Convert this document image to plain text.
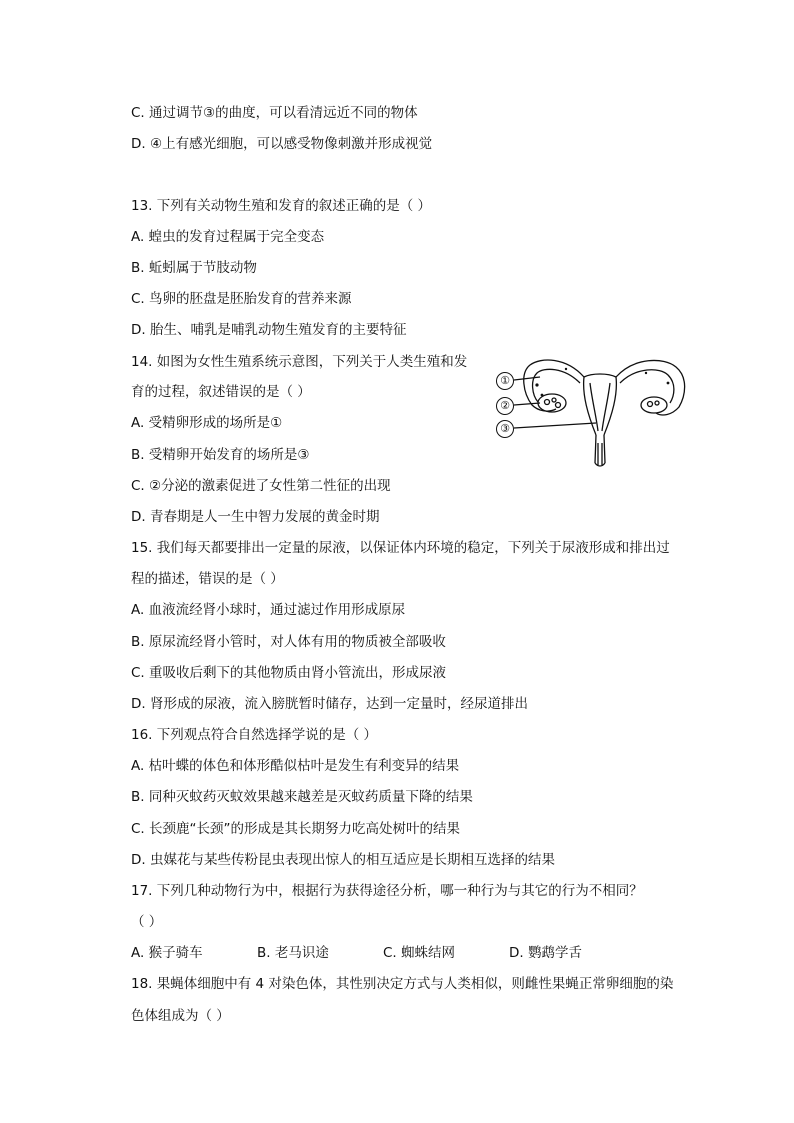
C. 通过调节③的曲度，可以看清远近不同的物体
D. ④上有感光细胞，可以感受物像刺激并形成视觉
13. 下列有关动物生殖和发育的叙述正确的是（ ）
A. 蝗虫的发育过程属于完全变态
B. 蚯蚓属于节肢动物
C. 鸟卵的胚盘是胚胎发育的营养来源
D. 胎生、哺乳是哺乳动物生殖发育的主要特征
14. 如图为女性生殖系统示意图，下列关于人类生殖和发
育的过程，叙述错误的是（ ）
A. 受精卵形成的场所是①
B. 受精卵开始发育的场所是③
C. ②分泌的激素促进了女性第二性征的出现
D. 青春期是人一生中智力发展的黄金时期
15. 我们每天都要排出一定量的尿液，以保证体内环境的稳定，下列关于尿液形成和排出过
程的描述，错误的是（ ）
A. 血液流经肾小球时，通过滤过作用形成原尿
B. 原尿流经肾小管时，对人体有用的物质被全部吸收
C. 重吸收后剩下的其他物质由肾小管流出，形成尿液
D. 肾形成的尿液，流入膀胱暂时储存，达到一定量时，经尿道排出
16. 下列观点符合自然选择学说的是（ ）
A. 枯叶蝶的体色和体形酷似枯叶是发生有利变异的结果
B. 同种灭蚊药灭蚊效果越来越差是灭蚊药质量下降的结果
C. 长颈鹿“长颈”的形成是其长期努力吃高处树叶的结果
D. 虫媒花与某些传粉昆虫表现出惊人的相互适应是长期相互选择的结果
17. 下列几种动物行为中，根据行为获得途径分析，哪一种行为与其它的行为不相同？
（ ）
A. 猴子骑车	B. 老马识途	C. 蜘蛛结网	D. 鹦鹉学舌
18. 果蝇体细胞中有 4 对染色体，其性别决定方式与人类相似，则雌性果蝇正常卵细胞的染
色体组成为（ ）
①
②
③
